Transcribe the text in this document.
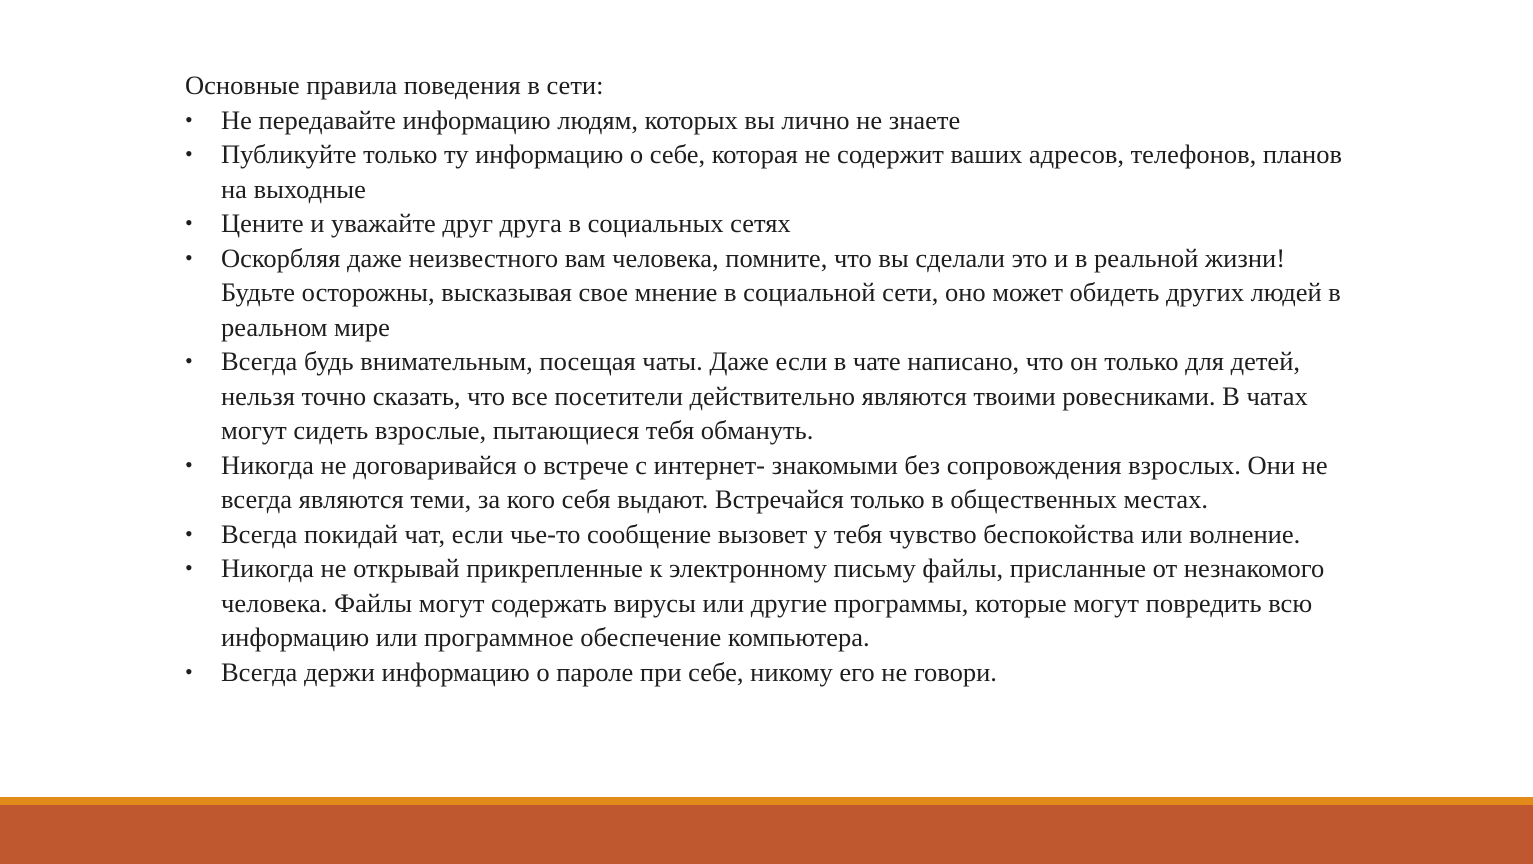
Основные правила поведения в сети:

•	Не передавайте информацию людям, которых вы лично не знаете
•	Публикуйте только ту информацию о себе, которая не содержит ваших адресов, телефонов, планов на выходные
•	Цените и уважайте друг друга в социальных сетях
•	Оскорбляя даже неизвестного вам человека, помните, что вы сделали это и в реальной жизни! Будьте осторожны, высказывая свое мнение в социальной сети, оно может обидеть других людей в реальном мире
•	Всегда будь внимательным, посещая чаты. Даже если в чате написано, что он только для детей, нельзя точно сказать, что все посетители действительно являются твоими ровесниками. В чатах могут сидеть взрослые, пытающиеся тебя обмануть.
•	Никогда не договаривайся о встрече с интернет- знакомыми без сопровождения взрослых. Они не всегда являются теми, за кого себя выдают. Встречайся только в общественных местах.
•	Всегда покидай чат, если чье-то сообщение вызовет у тебя чувство беспокойства или волнение.
•	Никогда не открывай прикрепленные к электронному письму файлы, присланные от незнакомого человека. Файлы могут содержать вирусы или другие программы, которые могут повредить всю информацию или программное обеспечение компьютера.
•	Всегда держи информацию о пароле при себе, никому его не говори.
